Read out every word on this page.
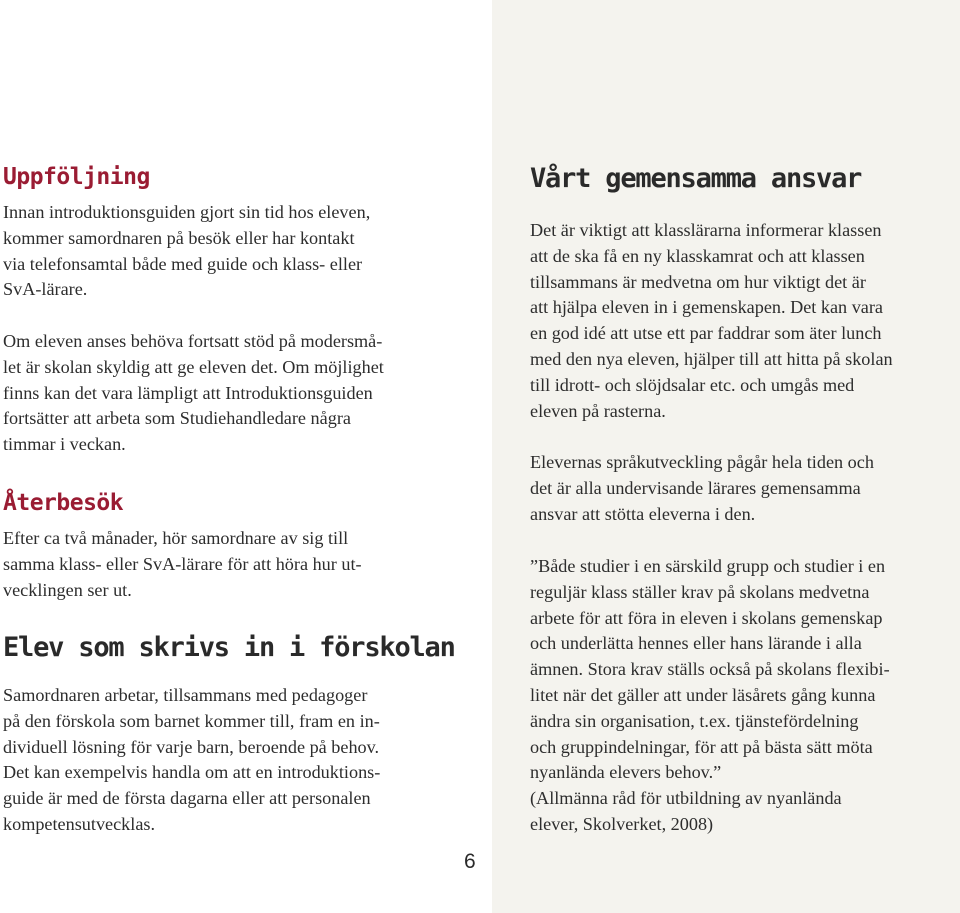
Uppföljning

Innan introduktionsguiden gjort sin tid hos eleven,
kommer samordnaren på besök eller har kontakt
via telefonsamtal både med guide och klass- eller
SvA-lärare.

Om eleven anses behöva fortsatt stöd på modersmå-
let är skolan skyldig att ge eleven det. Om möjlighet
finns kan det vara lämpligt att Introduktionsguiden
fortsätter att arbeta som Studiehandledare några
timmar i veckan.

Återbesök

Efter ca två månader, hör samordnare av sig till
samma klass- eller SvA-lärare för att höra hur ut-
vecklingen ser ut.

Elev som skrivs in i förskolan

Samordnaren arbetar, tillsammans med pedagoger
på den förskola som barnet kommer till, fram en in-
dividuell lösning för varje barn, beroende på behov.
Det kan exempelvis handla om att en introduktions-
guide är med de första dagarna eller att personalen
kompetensutvecklas.

6
Vårt gemensamma ansvar

Det är viktigt att klasslärarna informerar klassen
att de ska få en ny klasskamrat och att klassen
tillsammans är medvetna om hur viktigt det är
att hjälpa eleven in i gemenskapen. Det kan vara
en god idé att utse ett par faddrar som äter lunch
med den nya eleven, hjälper till att hitta på skolan
till idrott- och slöjdsalar etc. och umgås med
eleven på rasterna.

Elevernas språkutveckling pågår hela tiden och
det är alla undervisande lärares gemensamma
ansvar att stötta eleverna i den.

”Både studier i en särskild grupp och studier i en
reguljär klass ställer krav på skolans medvetna
arbete för att föra in eleven i skolans gemenskap
och underlätta hennes eller hans lärande i alla
ämnen. Stora krav ställs också på skolans flexibi-
litet när det gäller att under läsårets gång kunna
ändra sin organisation, t.ex. tjänstefördelning
och gruppindelningar, för att på bästa sätt möta
nyanlända elevers behov.”
(Allmänna råd för utbildning av nyanlända
elever, Skolverket, 2008)
